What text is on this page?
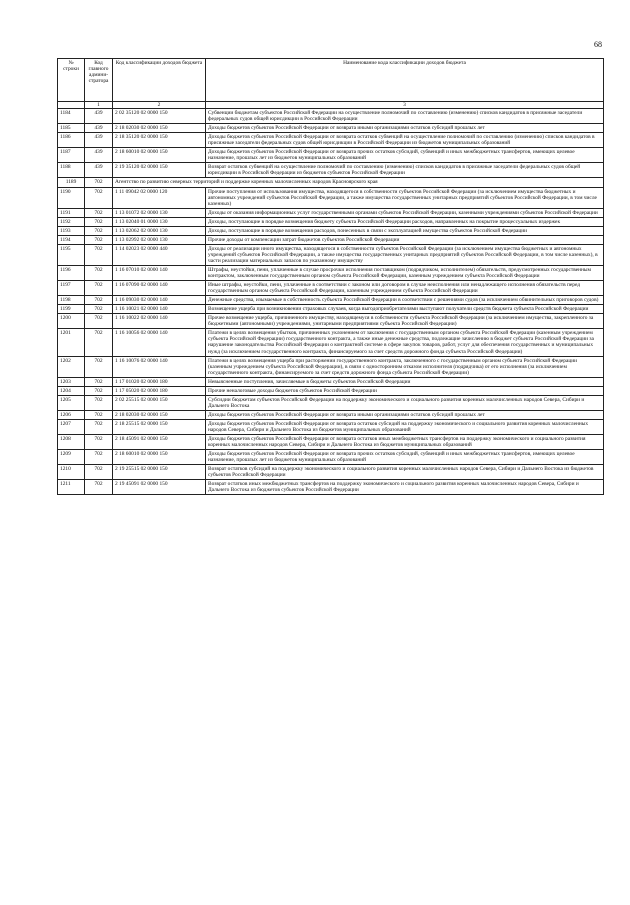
68
№ строки	Код главного админи-стратора	Код классификации доходов бюджета	Наименование кода классификации доходов бюджета
	1	2	3
1184	439	2 02 35120 02 0000 150	Субвенции бюджетам субъектов Российской Федерации на осуществление полномочий по составлению (изменению) списков кандидатов в присяжные заседатели федеральных судов общей юрисдикции в Российской Федерации
1185	439	2 18 02030 02 0000 150	Доходы бюджетов субъектов Российской Федерации от возврата иными организациями остатков субсидий прошлых лет
1186	439	2 18 35120 02 0000 150	Доходы бюджетов субъектов Российской Федерации от возврата остатков субвенций на осуществление полномочий по составлению (изменению) списков кандидатов в присяжные заседатели федеральных судов общей юрисдикции в Российской Федерации из бюджетов муниципальных образований
1187	439	2 18 60010 02 0000 150	Доходы бюджетов субъектов Российской Федерации от возврата прочих остатков субсидий, субвенций и иных межбюджетных трансфертов, имеющих целевое назначение, прошлых лет из бюджетов муниципальных образований
1188	439	2 19 35120 02 0000 150	Возврат остатков субвенций на осуществление полномочий по составлению (изменению) списков кандидатов в присяжные заседатели федеральных судов общей юрисдикции в Российской Федерации из бюджетов субъектов Российской Федерации
1189	702	Агентство по развитию северных территорий и поддержке коренных малочисленных народов Красноярского края	
1190	702	1 11 09042 02 0000 120	Прочие поступления от использования имущества, находящегося в собственности субъектов Российской Федерации (за исключением имущества бюджетных и автономных учреждений субъектов Российской Федерации, а также имущества государственных унитарных предприятий субъектов Российской Федерации, в том числе казенных)
1191	702	1 13 01072 02 0000 130	Доходы от оказания информационных услуг государственными органами субъектов Российской Федерации, казенными учреждениями субъектов Российской Федерации
1192	702	1 13 02040 01 0000 130	Доходы, поступающие в порядке возмещения бюджету субъекта Российской Федерации расходов, направленных на покрытие процессуальных издержек
1193	702	1 13 02062 02 0000 130	Доходы, поступающие в порядке возмещения расходов, понесенных в связи с эксплуатацией имущества субъектов Российской Федерации
1194	702	1 13 02992 02 0000 130	Прочие доходы от компенсации затрат бюджетов субъектов Российской Федерации
1195	702	1 14 02023 02 0000 440	Доходы от реализации иного имущества, находящегося в собственности субъектов Российской Федерации (за исключением имущества бюджетных и автономных учреждений субъектов Российской Федерации, а также имущества государственных унитарных предприятий субъектов Российской Федерации, в том числе казенных), в части реализации материальных запасов по указанному имуществу
1196	702	1 16 07010 02 0000 140	Штрафы, неустойки, пени, уплаченные в случае просрочки исполнения поставщиком (подрядчиком, исполнителем) обязательств, предусмотренных государственным контрактом, заключенным государственным органом субъекта Российской Федерации, казенным учреждением субъекта Российской Федерации
1197	702	1 16 07090 02 0000 140	Иные штрафы, неустойки, пени, уплаченные в соответствии с законом или договором в случае неисполнения или ненадлежащего исполнения обязательств перед государственным органом субъекта Российской Федерации, казенным учреждением субъекта Российской Федерации
1198	702	1 16 09030 02 0000 140	Денежные средства, изымаемые в собственность субъекта Российской Федерации в соответствии с решениями судов (за исключением обвинительных приговоров судов)
1199	702	1 16 10021 02 0000 140	Возмещение ущерба при возникновении страховых случаев, когда выгодоприобретателями выступают получатели средств бюджета субъекта Российской Федерации
1200	702	1 16 10022 02 0000 140	Прочее возмещение ущерба, причиненного имуществу, находящемуся в собственности субъекта Российской Федерации (за исключением имущества, закрепленного за бюджетными (автономными) учреждениями, унитарными предприятиями субъекта Российской Федерации)
1201	702	1 16 10056 02 0000 140	Платежи в целях возмещения убытков, причиненных уклонением от заключения с государственным органом субъекта Российской Федерации (казенным учреждением субъекта Российской Федерации) государственного контракта, а также иные денежные средства, подлежащие зачислению в бюджет субъекта Российской Федерации за нарушение законодательства Российской Федерации о контрактной системе в сфере закупок товаров, работ, услуг для обеспечения государственных и муниципальных нужд (за исключением государственного контракта, финансируемого за счет средств дорожного фонда субъекта Российской Федерации)
1202	702	1 16 10076 02 0000 140	Платежи в целях возмещения ущерба при расторжении государственного контракта, заключенного с государственным органом субъекта Российской Федерации (казенным учреждением субъекта Российской Федерации), в связи с односторонним отказом исполнителя (подрядчика) от его исполнения (за исключением государственного контракта, финансируемого за счет средств дорожного фонда субъекта Российской Федерации)
1203	702	1 17 01020 02 0000 180	Невыясненные поступления, зачисляемые в бюджеты субъектов Российской Федерации
1204	702	1 17 05020 02 0000 180	Прочие неналоговые доходы бюджетов субъектов Российской Федерации
1205	702	2 02 25515 02 0000 150	Субсидии бюджетам субъектов Российской Федерации на поддержку экономического и социального развития коренных малочисленных народов Севера, Сибири и Дальнего Востока
1206	702	2 18 02030 02 0000 150	Доходы бюджетов субъектов Российской Федерации от возврата иными организациями остатков субсидий прошлых лет
1207	702	2 18 25515 02 0000 150	Доходы бюджетов субъектов Российской Федерации от возврата остатков субсидий на поддержку экономического и социального развития коренных малочисленных народов Севера, Сибири и Дальнего Востока из бюджетов муниципальных образований
1208	702	2 18 45091 02 0000 150	Доходы бюджетов субъектов Российской Федерации от возврата остатков иных межбюджетных трансфертов на поддержку экономического и социального развития коренных малочисленных народов Севера, Сибири и Дальнего Востока из бюджетов муниципальных образований
1209	702	2 18 60010 02 0000 150	Доходы бюджетов субъектов Российской Федерации от возврата прочих остатков субсидий, субвенций и иных межбюджетных трансфертов, имеющих целевое назначение, прошлых лет из бюджетов муниципальных образований
1210	702	2 19 25515 02 0000 150	Возврат остатков субсидий на поддержку экономического и социального развития коренных малочисленных народов Севера, Сибири и Дальнего Востока из бюджетов субъектов Российской Федерации
1211	702	2 19 45091 02 0000 150	Возврат остатков иных межбюджетных трансфертов на поддержку экономического и социального развития коренных малочисленных народов Севера, Сибири и Дальнего Востока из бюджетов субъектов Российской Федерации
